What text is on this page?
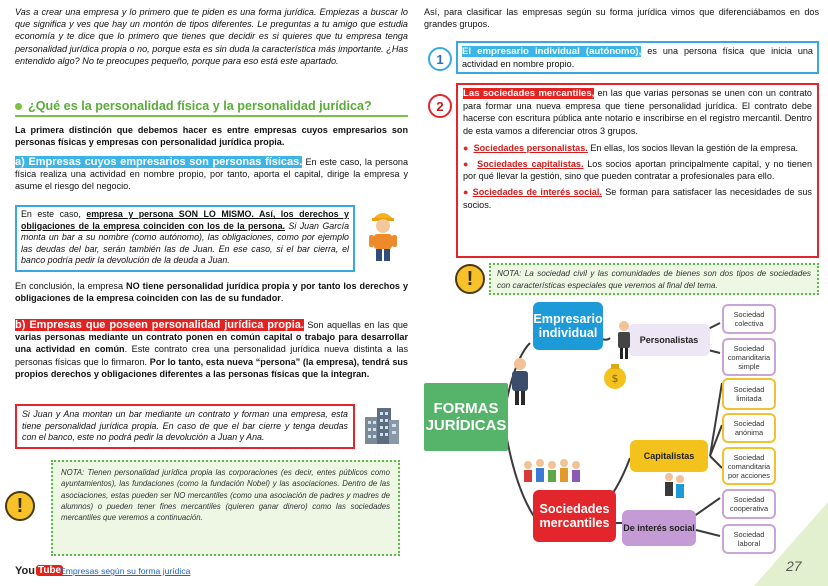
Vas a crear una empresa y lo primero que te piden es una forma jurídica. Empiezas a buscar lo que significa y ves que hay un montón de tipos diferentes. Le preguntas a tu amigo que estudia economía y te dice que lo primero que tienes que decidir es si quieres que tu empresa tenga personalidad jurídica propia o no, porque esta es sin duda la característica más importante. ¿Has entendido algo? No te preocupes pequeño, porque para eso está este apartado.

¿Qué es la personalidad física y la personalidad jurídica?

La primera distinción que debemos hacer es entre empresas cuyos empresarios son personas físicas y empresas con personalidad jurídica propia.

a) Empresas cuyos empresarios son personas físicas. En este caso, la persona física realiza una actividad en nombre propio, por tanto, aporta el capital, dirige la empresa y asume el riesgo del negocio.

En este caso, empresa y persona SON LO MISMO. Así, los derechos y obligaciones de la empresa coinciden con los de la persona. Si Juan García monta un bar a su nombre (como autónomo), las obligaciones, como por ejemplo las deudas del bar, serán también las de Juan. En ese caso, si el bar cierra, el banco podría pedir la devolución de la deuda a Juan.

En conclusión, la empresa NO tiene personalidad jurídica propia y por tanto los derechos y obligaciones de la empresa coinciden con las de su fundador.

b) Empresas que poseen personalidad jurídica propia. Son aquellas en las que varias personas mediante un contrato ponen en común capital o trabajo para desarrollar una actividad en común. Este contrato crea una personalidad jurídica nueva distinta a las personas físicas que lo firmaron. Por lo tanto, esta nueva “persona” (la empresa), tendrá sus propios derechos y obligaciones diferentes a las personas físicas que la integran.

Si Juan y Ana montan un bar mediante un contrato y forman una empresa, esta tiene personalidad jurídica propia. En caso de que el bar cierre y tenga deudas con el banco, este no podrá pedir la devolución a Juan y Ana.

!

NOTA: Tienen personalidad jurídica propia las corporaciones (es decir, entes públicos como ayuntamientos), las fundaciones (como la fundación Nobel) y las asociaciones. Dentro de las asociaciones, estas pueden ser NO mercantiles (como una asociación de padres y madres de alumnos) o pueden tener fines mercantiles (quieren ganar dinero) como las sociedades mercantiles que veremos a continuación.

You Tube
Empresas según su forma jurídica

Así, para clasificar las empresas según su forma jurídica vimos que diferenciábamos en dos grandes grupos.

1	El empresario individual (autónomo), es una persona física que inicia una actividad en nombre propio.

2

Las sociedades mercantiles, en las que varias personas se unen con un contrato para formar una nueva empresa que tiene personalidad jurídica. El contrato debe hacerse con escritura pública ante notario e inscribirse en el registro mercantil. Dentro de esta vamos a diferenciar otros 3 grupos.

● Sociedades personalistas. En ellas, los socios llevan la gestión de la empresa.

● Sociedades capitalistas. Los socios aportan principalmente capital, y no tienen por qué llevar la gestión, sino que pueden contratar a profesionales para ello.

● Sociedades de interés social. Se forman para satisfacer las necesidades de sus socios.

!	NOTA: La sociedad civil y las comunidades de bienes son dos tipos de sociedades con características especiales que veremos al final del tema.

FORMAS JURÍDICAS
Empresario individual
Sociedades mercantiles
Personalistas
Capitalistas
De interés social
Sociedad colectiva
Sociedad comanditaria simple
Sociedad limitada
Sociedad anónima
Sociedad comanditaria por acciones
Sociedad cooperativa
Sociedad laboral
$
27
